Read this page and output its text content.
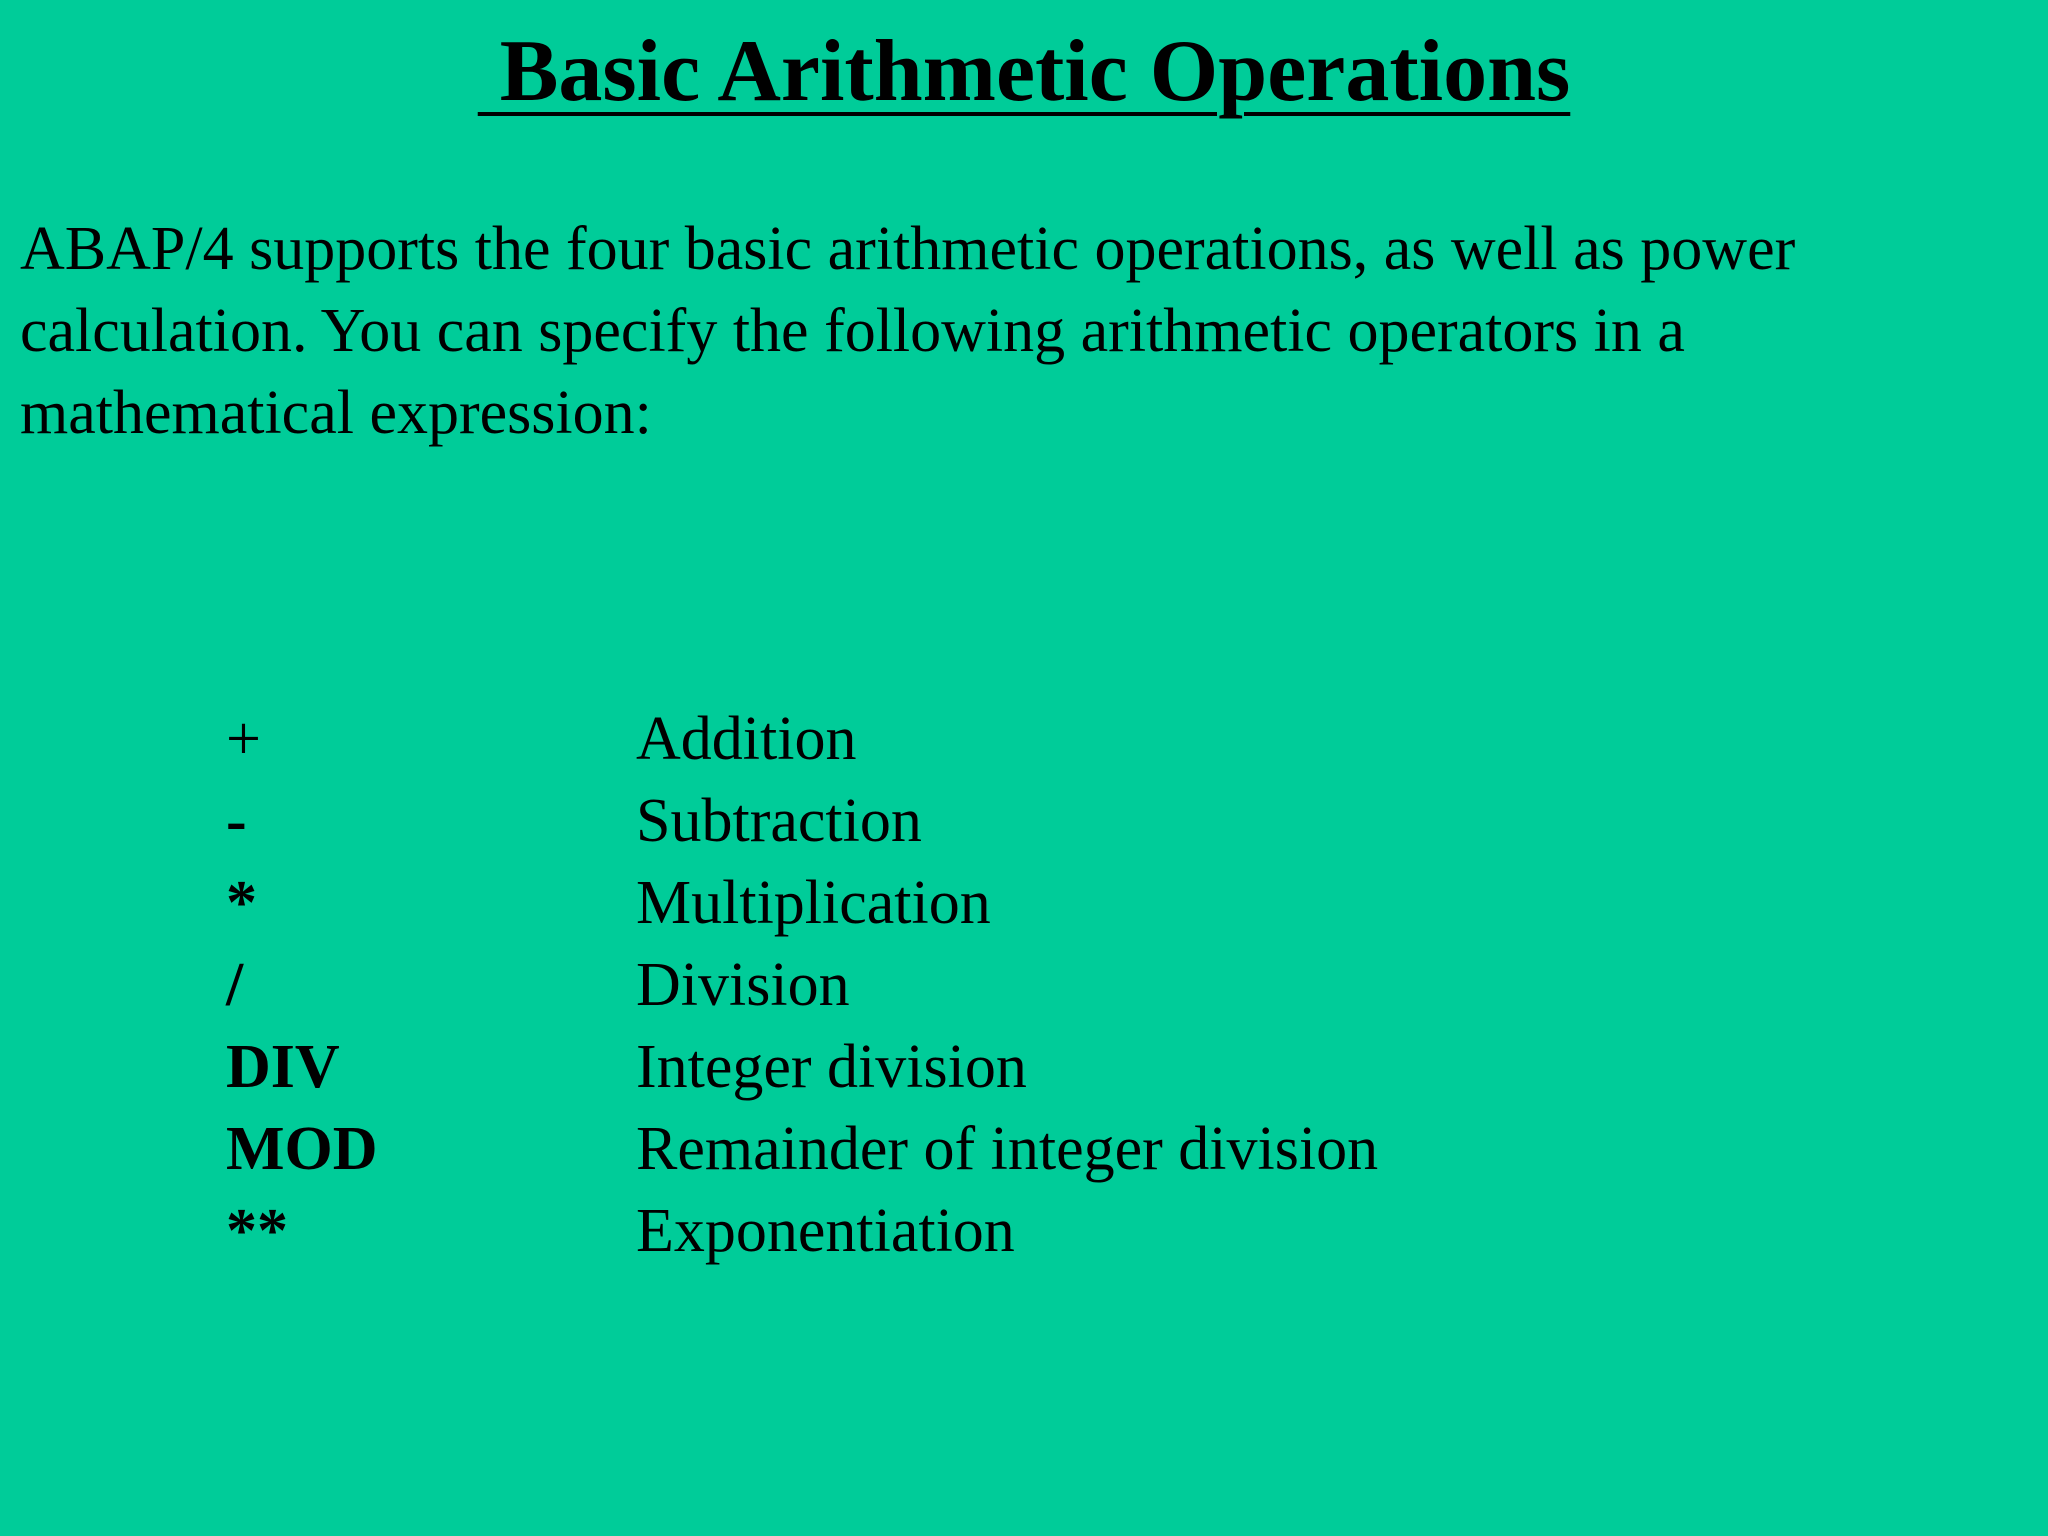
Basic Arithmetic Operations
ABAP/4 supports the four basic arithmetic operations, as well as power
calculation. You can specify the following arithmetic operators in a
mathematical expression:
+	Addition
-	Subtraction
*	Multiplication
/	Division
DIV	Integer division
MOD	Remainder of integer division
**	Exponentiation
